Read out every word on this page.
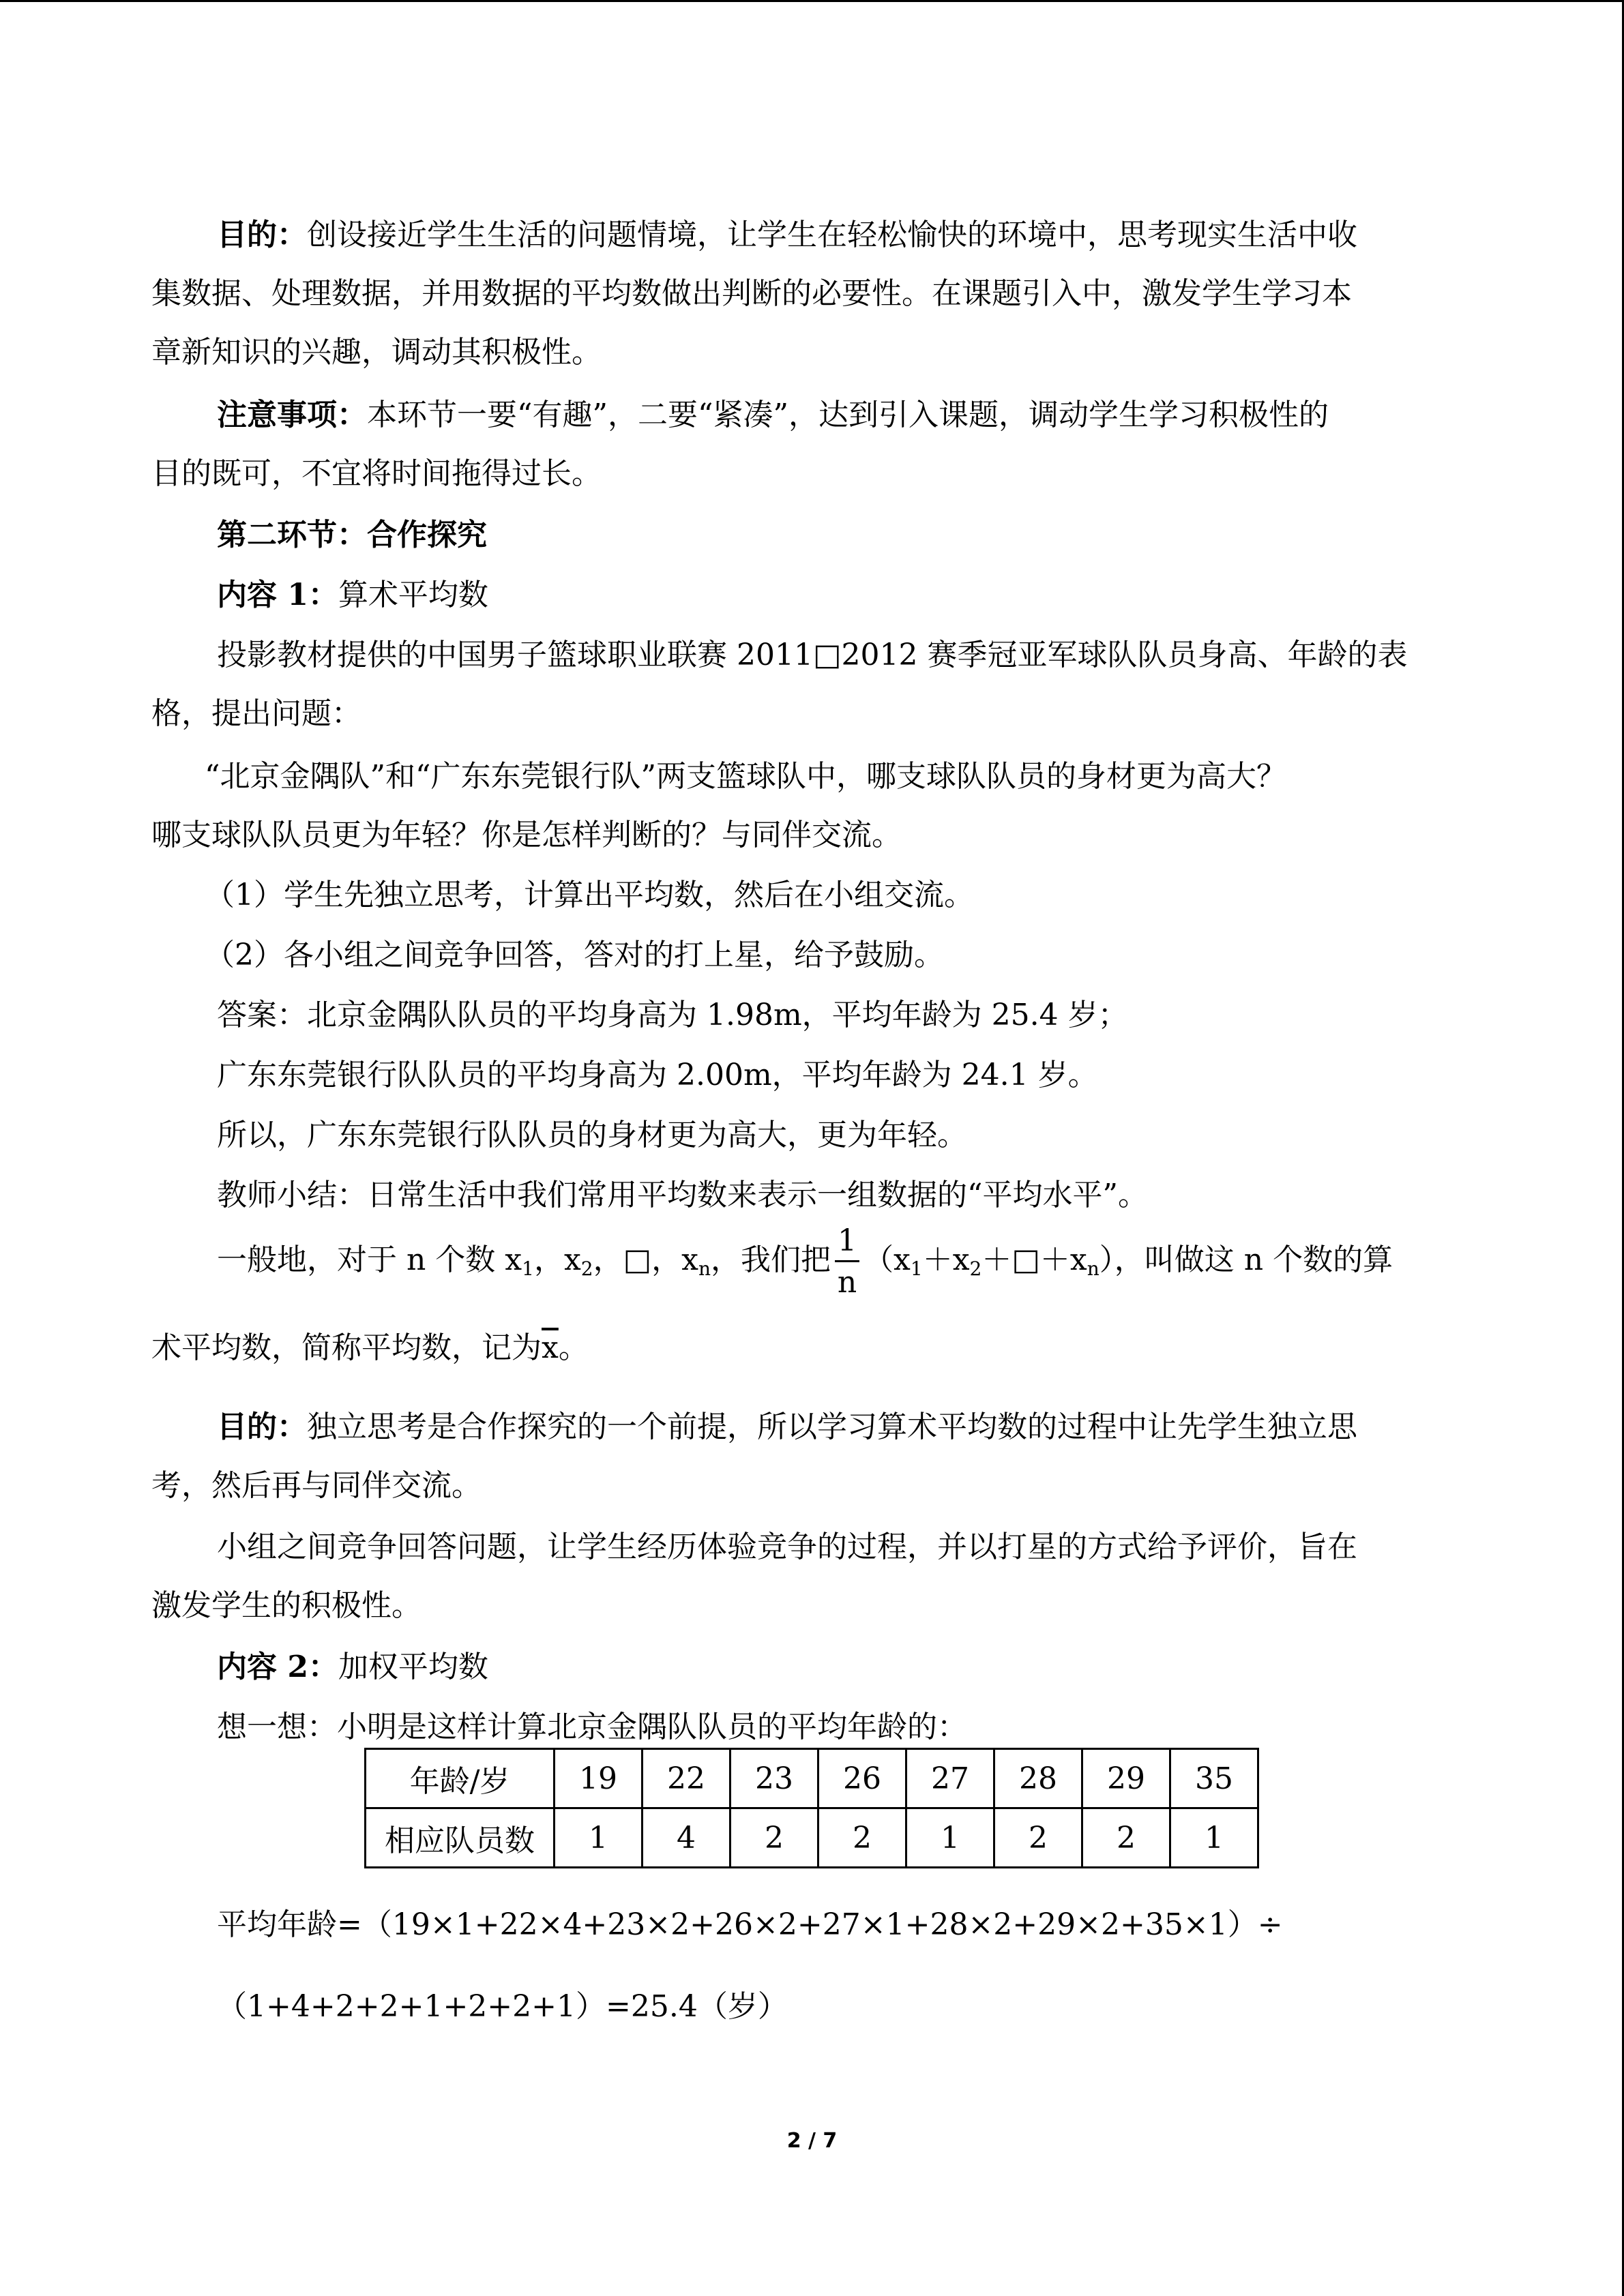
目的：创设接近学生生活的问题情境，让学生在轻松愉快的环境中，思考现实生活中收

集数据、处理数据，并用数据的平均数做出判断的必要性。在课题引入中，激发学生学习本

章新知识的兴趣，调动其积极性。

注意事项：本环节一要“有趣”，二要“紧凑”，达到引入课题，调动学生学习积极性的

目的既可，不宜将时间拖得过长。

第二环节：合作探究

内容 1：算术平均数

投影教材提供的中国男子篮球职业联赛 2011□2012 赛季冠亚军球队队员身高、年龄的表

格，提出问题：

“北京金隅队”和“广东东莞银行队”两支篮球队中，哪支球队队员的身材更为高大？

哪支球队队员更为年轻？你是怎样判断的？与同伴交流。

（1）学生先独立思考，计算出平均数，然后在小组交流。

（2）各小组之间竞争回答，答对的打上星，给予鼓励。

答案：北京金隅队队员的平均身高为 1.98m，平均年龄为 25.4 岁；

广东东莞银行队队员的平均身高为 2.00m，平均年龄为 24.1 岁。

所以，广东东莞银行队队员的身材更为高大，更为年轻。

教师小结：日常生活中我们常用平均数来表示一组数据的“平均水平”。

一般地，对于 n 个数 $x_1$，$x_2$，□，$x_n$，我们把 $\frac{1}{n}$ $(x_1+x_2+□+x_n)$，叫做这 n 个数的算

术平均数，简称平均数，记为$\overline{x}$。

目的：独立思考是合作探究的一个前提，所以学习算术平均数的过程中让先学生独立思

考，然后再与同伴交流。

小组之间竞争回答问题，让学生经历体验竞争的过程，并以打星的方式给予评价，旨在

激发学生的积极性。

内容 2：加权平均数

想一想：小明是这样计算北京金隅队队员的平均年龄的：

年龄/岁	19	22	23	26	27	28	29	35
相应队员数	1	4	2	2	1	2	2	1

平均年龄=（19×1+22×4+23×2+26×2+27×1+28×2+29×2+35×1）÷

（1+4+2+2+1+2+2+1）=25.4（岁）

2 / 7
